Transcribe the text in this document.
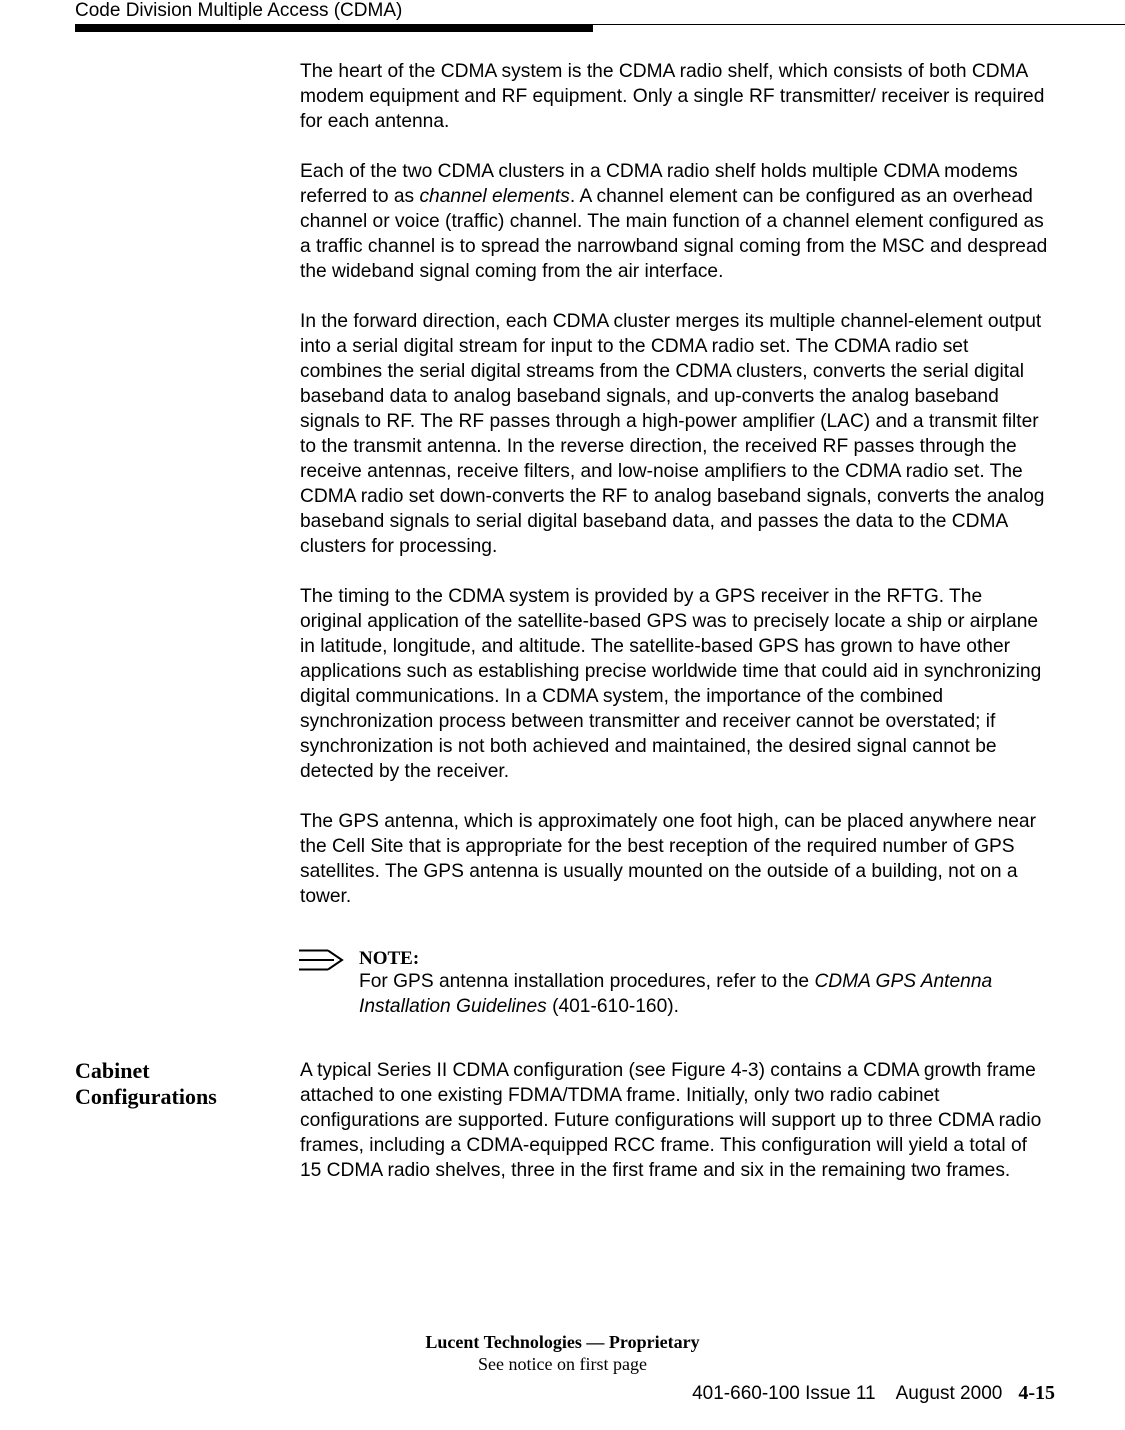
Code Division Multiple Access (CDMA)

The heart of the CDMA system is the CDMA radio shelf, which consists of both CDMA modem equipment and RF equipment. Only a single RF transmitter/ receiver is required for each antenna.

Each of the two CDMA clusters in a CDMA radio shelf holds multiple CDMA modems referred to as channel elements. A channel element can be configured as an overhead channel or voice (traffic) channel. The main function of a channel element configured as a traffic channel is to spread the narrowband signal coming from the MSC and despread the wideband signal coming from the air interface.

In the forward direction, each CDMA cluster merges its multiple channel-element output into a serial digital stream for input to the CDMA radio set. The CDMA radio set combines the serial digital streams from the CDMA clusters, converts the serial digital baseband data to analog baseband signals, and up-converts the analog baseband signals to RF. The RF passes through a high-power amplifier (LAC) and a transmit filter to the transmit antenna. In the reverse direction, the received RF passes through the receive antennas, receive filters, and low-noise amplifiers to the CDMA radio set. The CDMA radio set down-converts the RF to analog baseband signals, converts the analog baseband signals to serial digital baseband data, and passes the data to the CDMA clusters for processing.

The timing to the CDMA system is provided by a GPS receiver in the RFTG. The original application of the satellite-based GPS was to precisely locate a ship or airplane in latitude, longitude, and altitude. The satellite-based GPS has grown to have other applications such as establishing precise worldwide time that could aid in synchronizing digital communications. In a CDMA system, the importance of the combined synchronization process between transmitter and receiver cannot be overstated; if synchronization is not both achieved and maintained, the desired signal cannot be detected by the receiver.

The GPS antenna, which is approximately one foot high, can be placed anywhere near the Cell Site that is appropriate for the best reception of the required number of GPS satellites. The GPS antenna is usually mounted on the outside of a building, not on a tower.

NOTE:
For GPS antenna installation procedures, refer to the CDMA GPS Antenna Installation Guidelines (401-610-160).
Cabinet
Configurations

A typical Series II CDMA configuration (see Figure 4-3) contains a CDMA growth frame attached to one existing FDMA/TDMA frame. Initially, only two radio cabinet configurations are supported. Future configurations will support up to three CDMA radio frames, including a CDMA-equipped RCC frame. This configuration will yield a total of 15 CDMA radio shelves, three in the first frame and six in the remaining two frames.

Lucent Technologies — Proprietary
See notice on first page
401-660-100 Issue 11 August 2000 4-15
